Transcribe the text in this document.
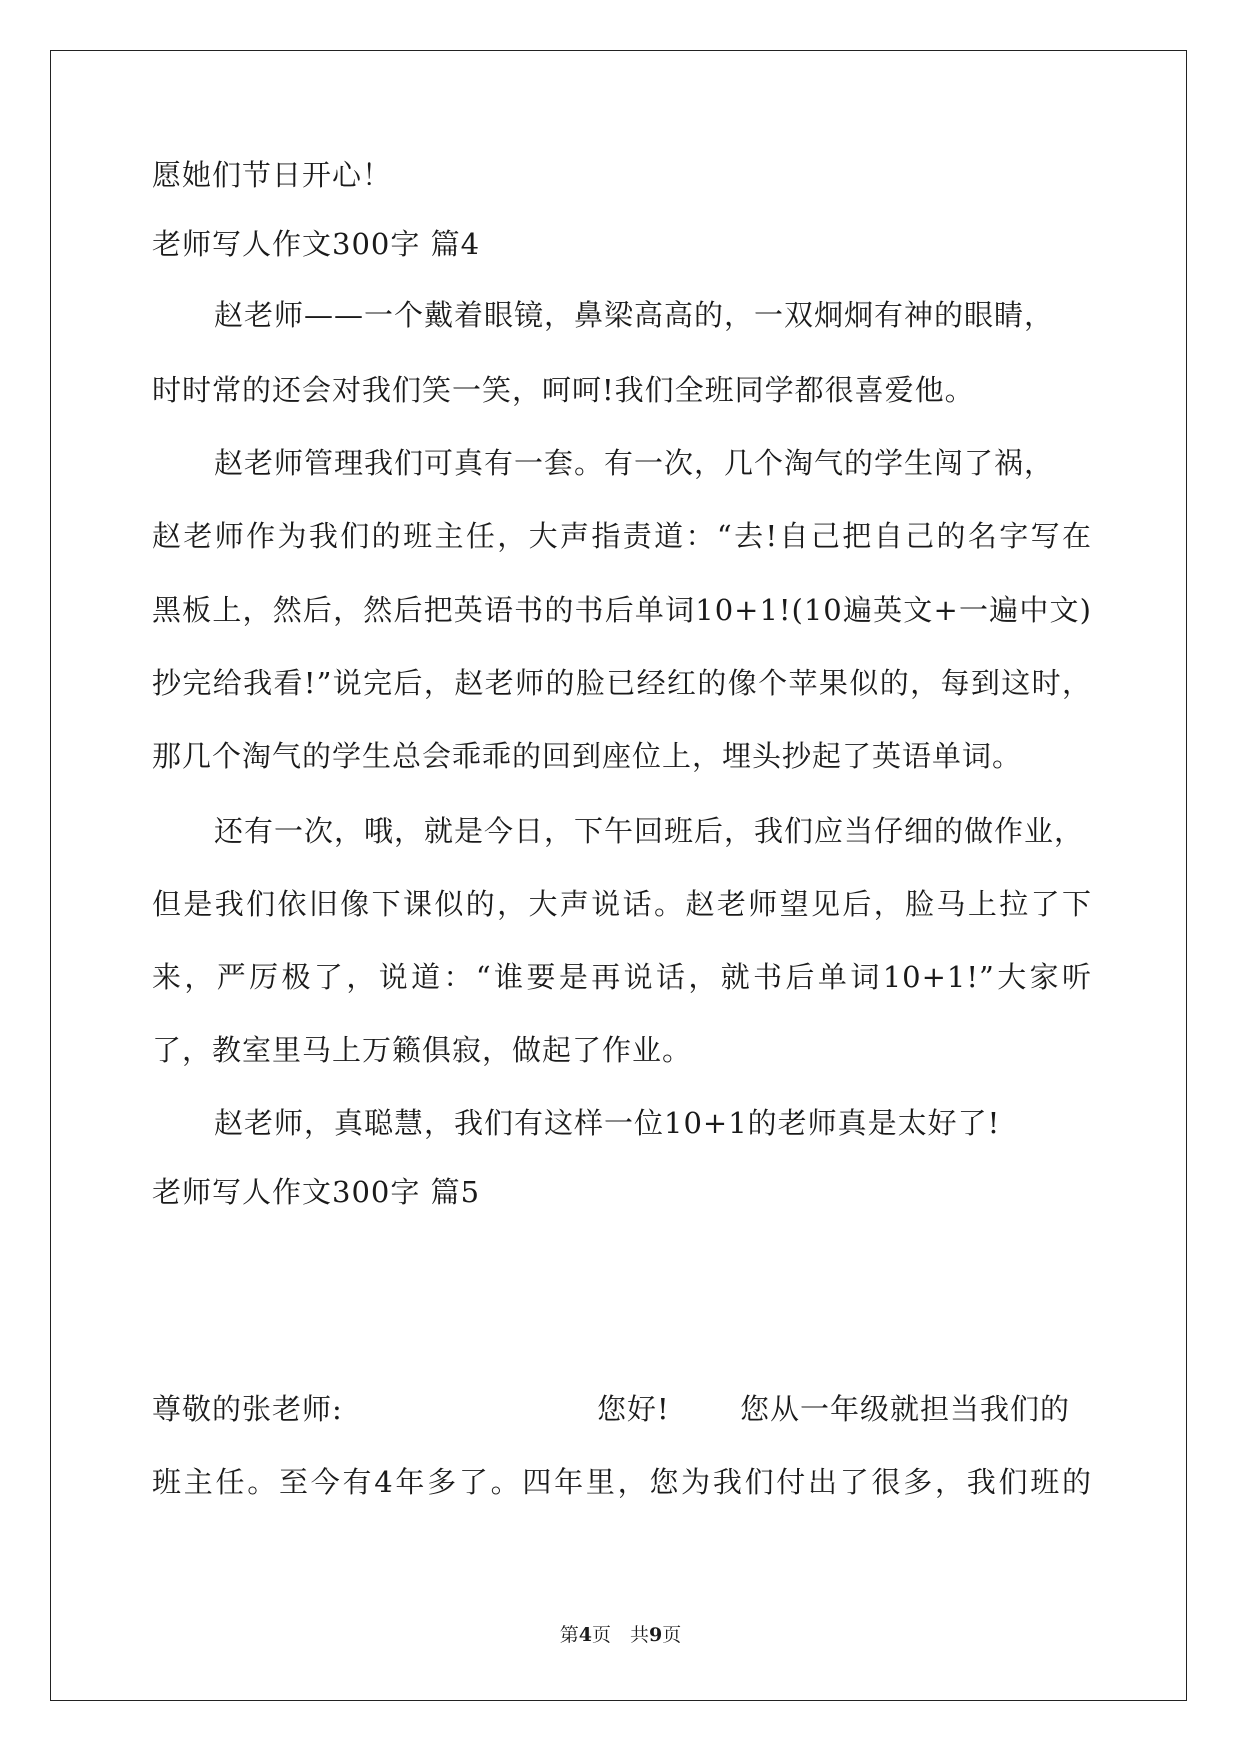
愿她们节日开心！
老师写人作文300字 篇4
赵老师——一个戴着眼镜，鼻梁高高的，一双炯炯有神的眼睛，
时时常的还会对我们笑一笑，呵呵!我们全班同学都很喜爱他。
赵老师管理我们可真有一套。有一次，几个淘气的学生闯了祸，
赵老师作为我们的班主任，大声指责道：“去!自己把自己的名字写在
黑板上，然后，然后把英语书的书后单词10+1!(10遍英文+一遍中文)
抄完给我看!”说完后，赵老师的脸已经红的像个苹果似的，每到这时，
那几个淘气的学生总会乖乖的回到座位上，埋头抄起了英语单词。
还有一次，哦，就是今日，下午回班后，我们应当仔细的做作业，
但是我们依旧像下课似的，大声说话。赵老师望见后，脸马上拉了下
来，严厉极了，说道：“谁要是再说话，就书后单词10+1!”大家听
了，教室里马上万籁俱寂，做起了作业。
赵老师，真聪慧，我们有这样一位10+1的老师真是太好了!
老师写人作文300字 篇5
尊敬的张老师:	您好! 您从一年级就担当我们的
班主任。至今有4年多了。四年里，您为我们付出了很多，我们班的
第4页　共9页
